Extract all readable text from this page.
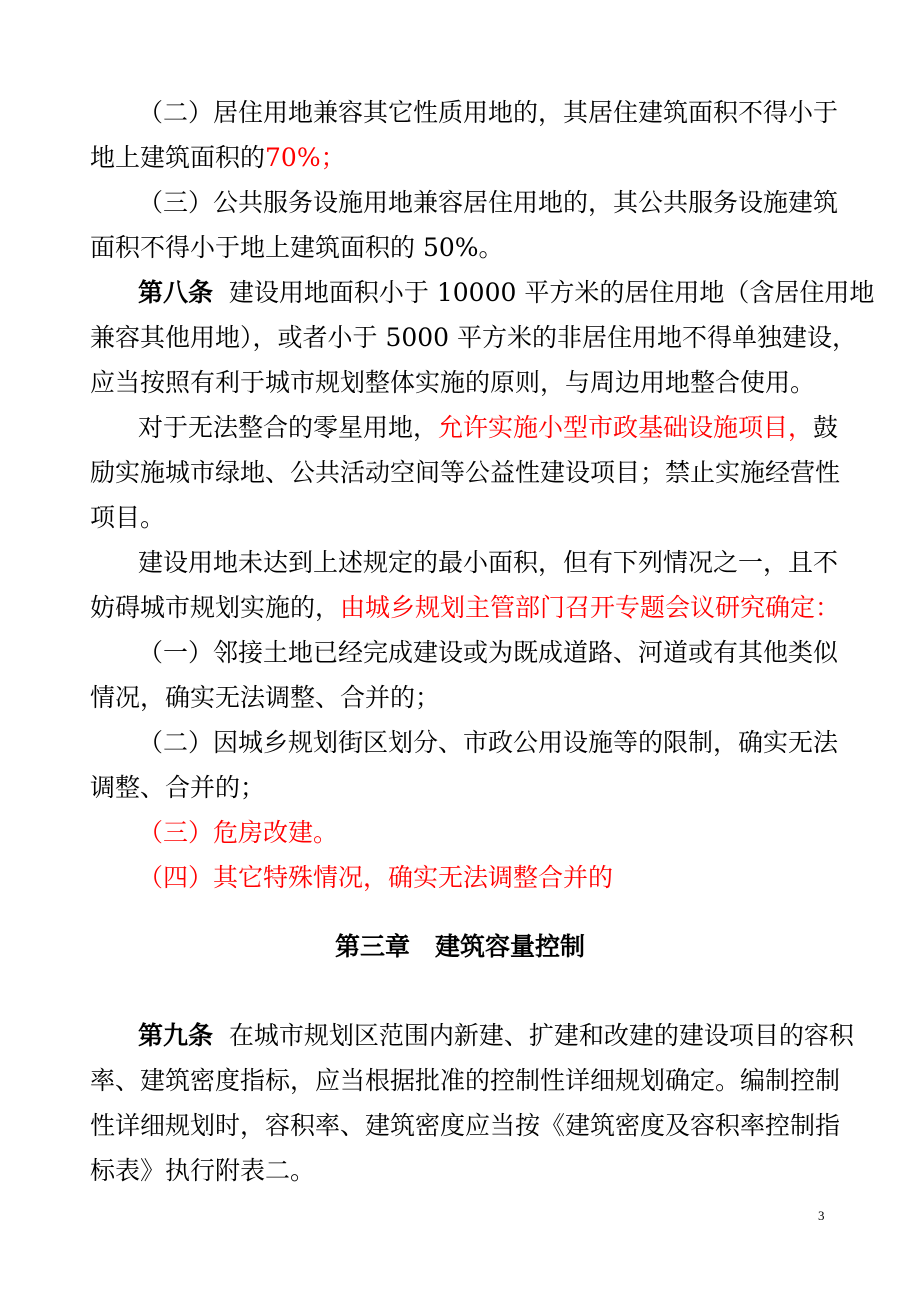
（二）居住用地兼容其它性质用地的，其居住建筑面积不得小于
地上建筑面积的70%；
（三）公共服务设施用地兼容居住用地的，其公共服务设施建筑
面积不得小于地上建筑面积的 50%。
第八条 建设用地面积小于 10000 平方米的居住用地（含居住用地
兼容其他用地），或者小于 5000 平方米的非居住用地不得单独建设，
应当按照有利于城市规划整体实施的原则，与周边用地整合使用。
对于无法整合的零星用地，允许实施小型市政基础设施项目，鼓
励实施城市绿地、公共活动空间等公益性建设项目；禁止实施经营性
项目。
建设用地未达到上述规定的最小面积，但有下列情况之一，且不
妨碍城市规划实施的，由城乡规划主管部门召开专题会议研究确定：
（一）邻接土地已经完成建设或为既成道路、河道或有其他类似
情况，确实无法调整、合并的；
（二）因城乡规划街区划分、市政公用设施等的限制，确实无法
调整、合并的；
（三）危房改建。
（四）其它特殊情况，确实无法调整合并的
第三章　建筑容量控制
第九条 在城市规划区范围内新建、扩建和改建的建设项目的容积
率、建筑密度指标，应当根据批准的控制性详细规划确定。编制控制
性详细规划时，容积率、建筑密度应当按《建筑密度及容积率控制指
标表》执行附表二。
3
